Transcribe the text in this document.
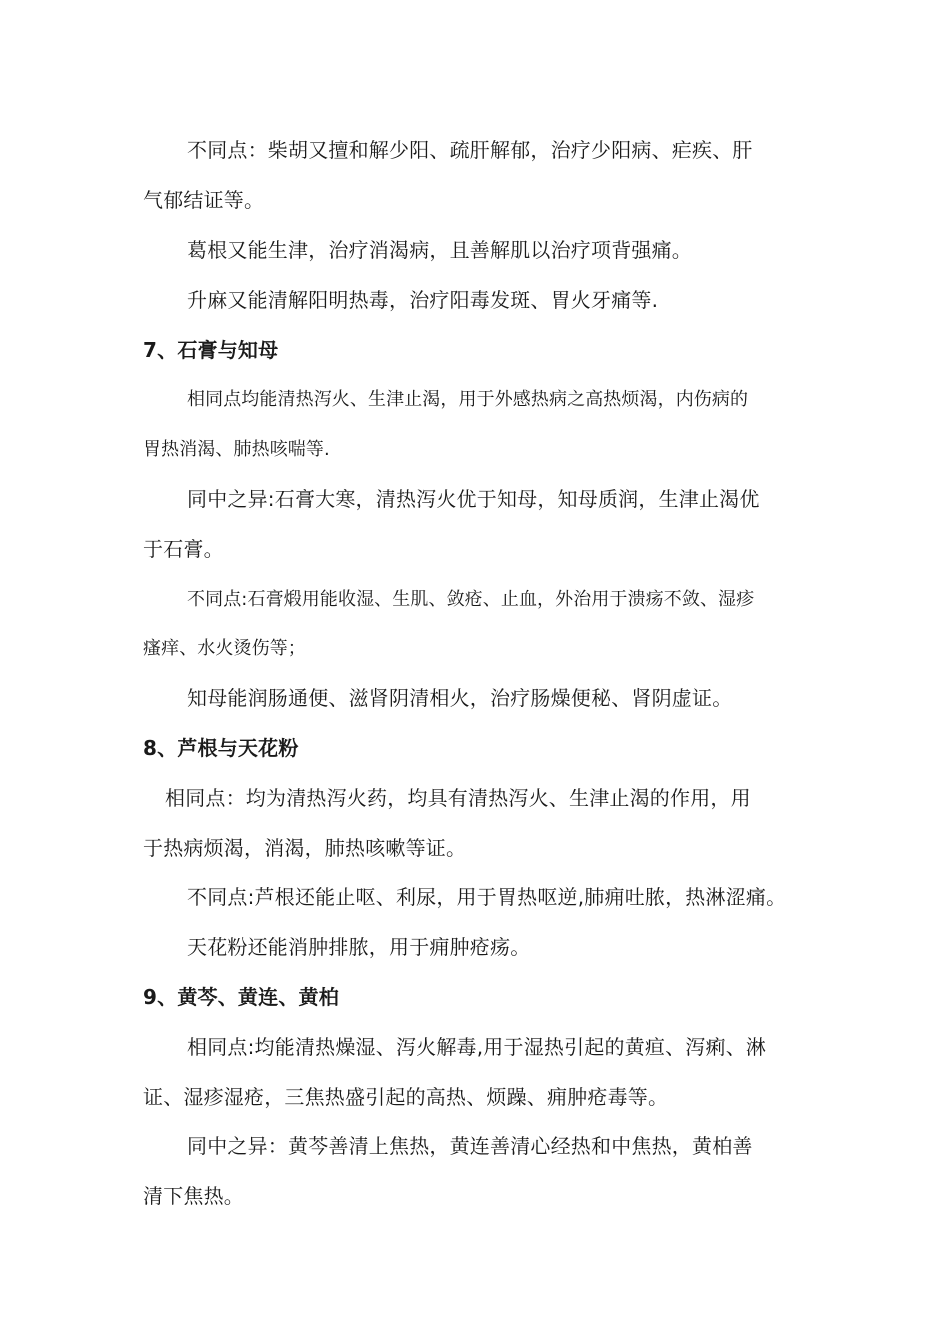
不同点：柴胡又擅和解少阳、疏肝解郁，治疗少阳病、疟疾、肝
气郁结证等。
葛根又能生津，治疗消渴病，且善解肌以治疗项背强痛。
升麻又能清解阳明热毒，治疗阳毒发斑、胃火牙痛等.
7、石膏与知母
相同点均能清热泻火、生津止渴，用于外感热病之高热烦渴，内伤病的
胃热消渴、肺热咳喘等.
同中之异:石膏大寒，清热泻火优于知母，知母质润，生津止渴优
于石膏。
不同点:石膏煅用能收湿、生肌、敛疮、止血，外治用于溃疡不敛、湿疹
瘙痒、水火烫伤等；
知母能润肠通便、滋肾阴清相火，治疗肠燥便秘、肾阴虚证。
8、芦根与天花粉
相同点：均为清热泻火药，均具有清热泻火、生津止渴的作用，用
于热病烦渴，消渴，肺热咳嗽等证。
不同点:芦根还能止呕、利尿，用于胃热呕逆,肺痈吐脓，热淋涩痛。
天花粉还能消肿排脓，用于痈肿疮疡。
9、黄芩、黄连、黄柏
相同点:均能清热燥湿、泻火解毒,用于湿热引起的黄疸、泻痢、淋
证、湿疹湿疮，三焦热盛引起的高热、烦躁、痈肿疮毒等。
同中之异：黄芩善清上焦热，黄连善清心经热和中焦热，黄柏善
清下焦热。
